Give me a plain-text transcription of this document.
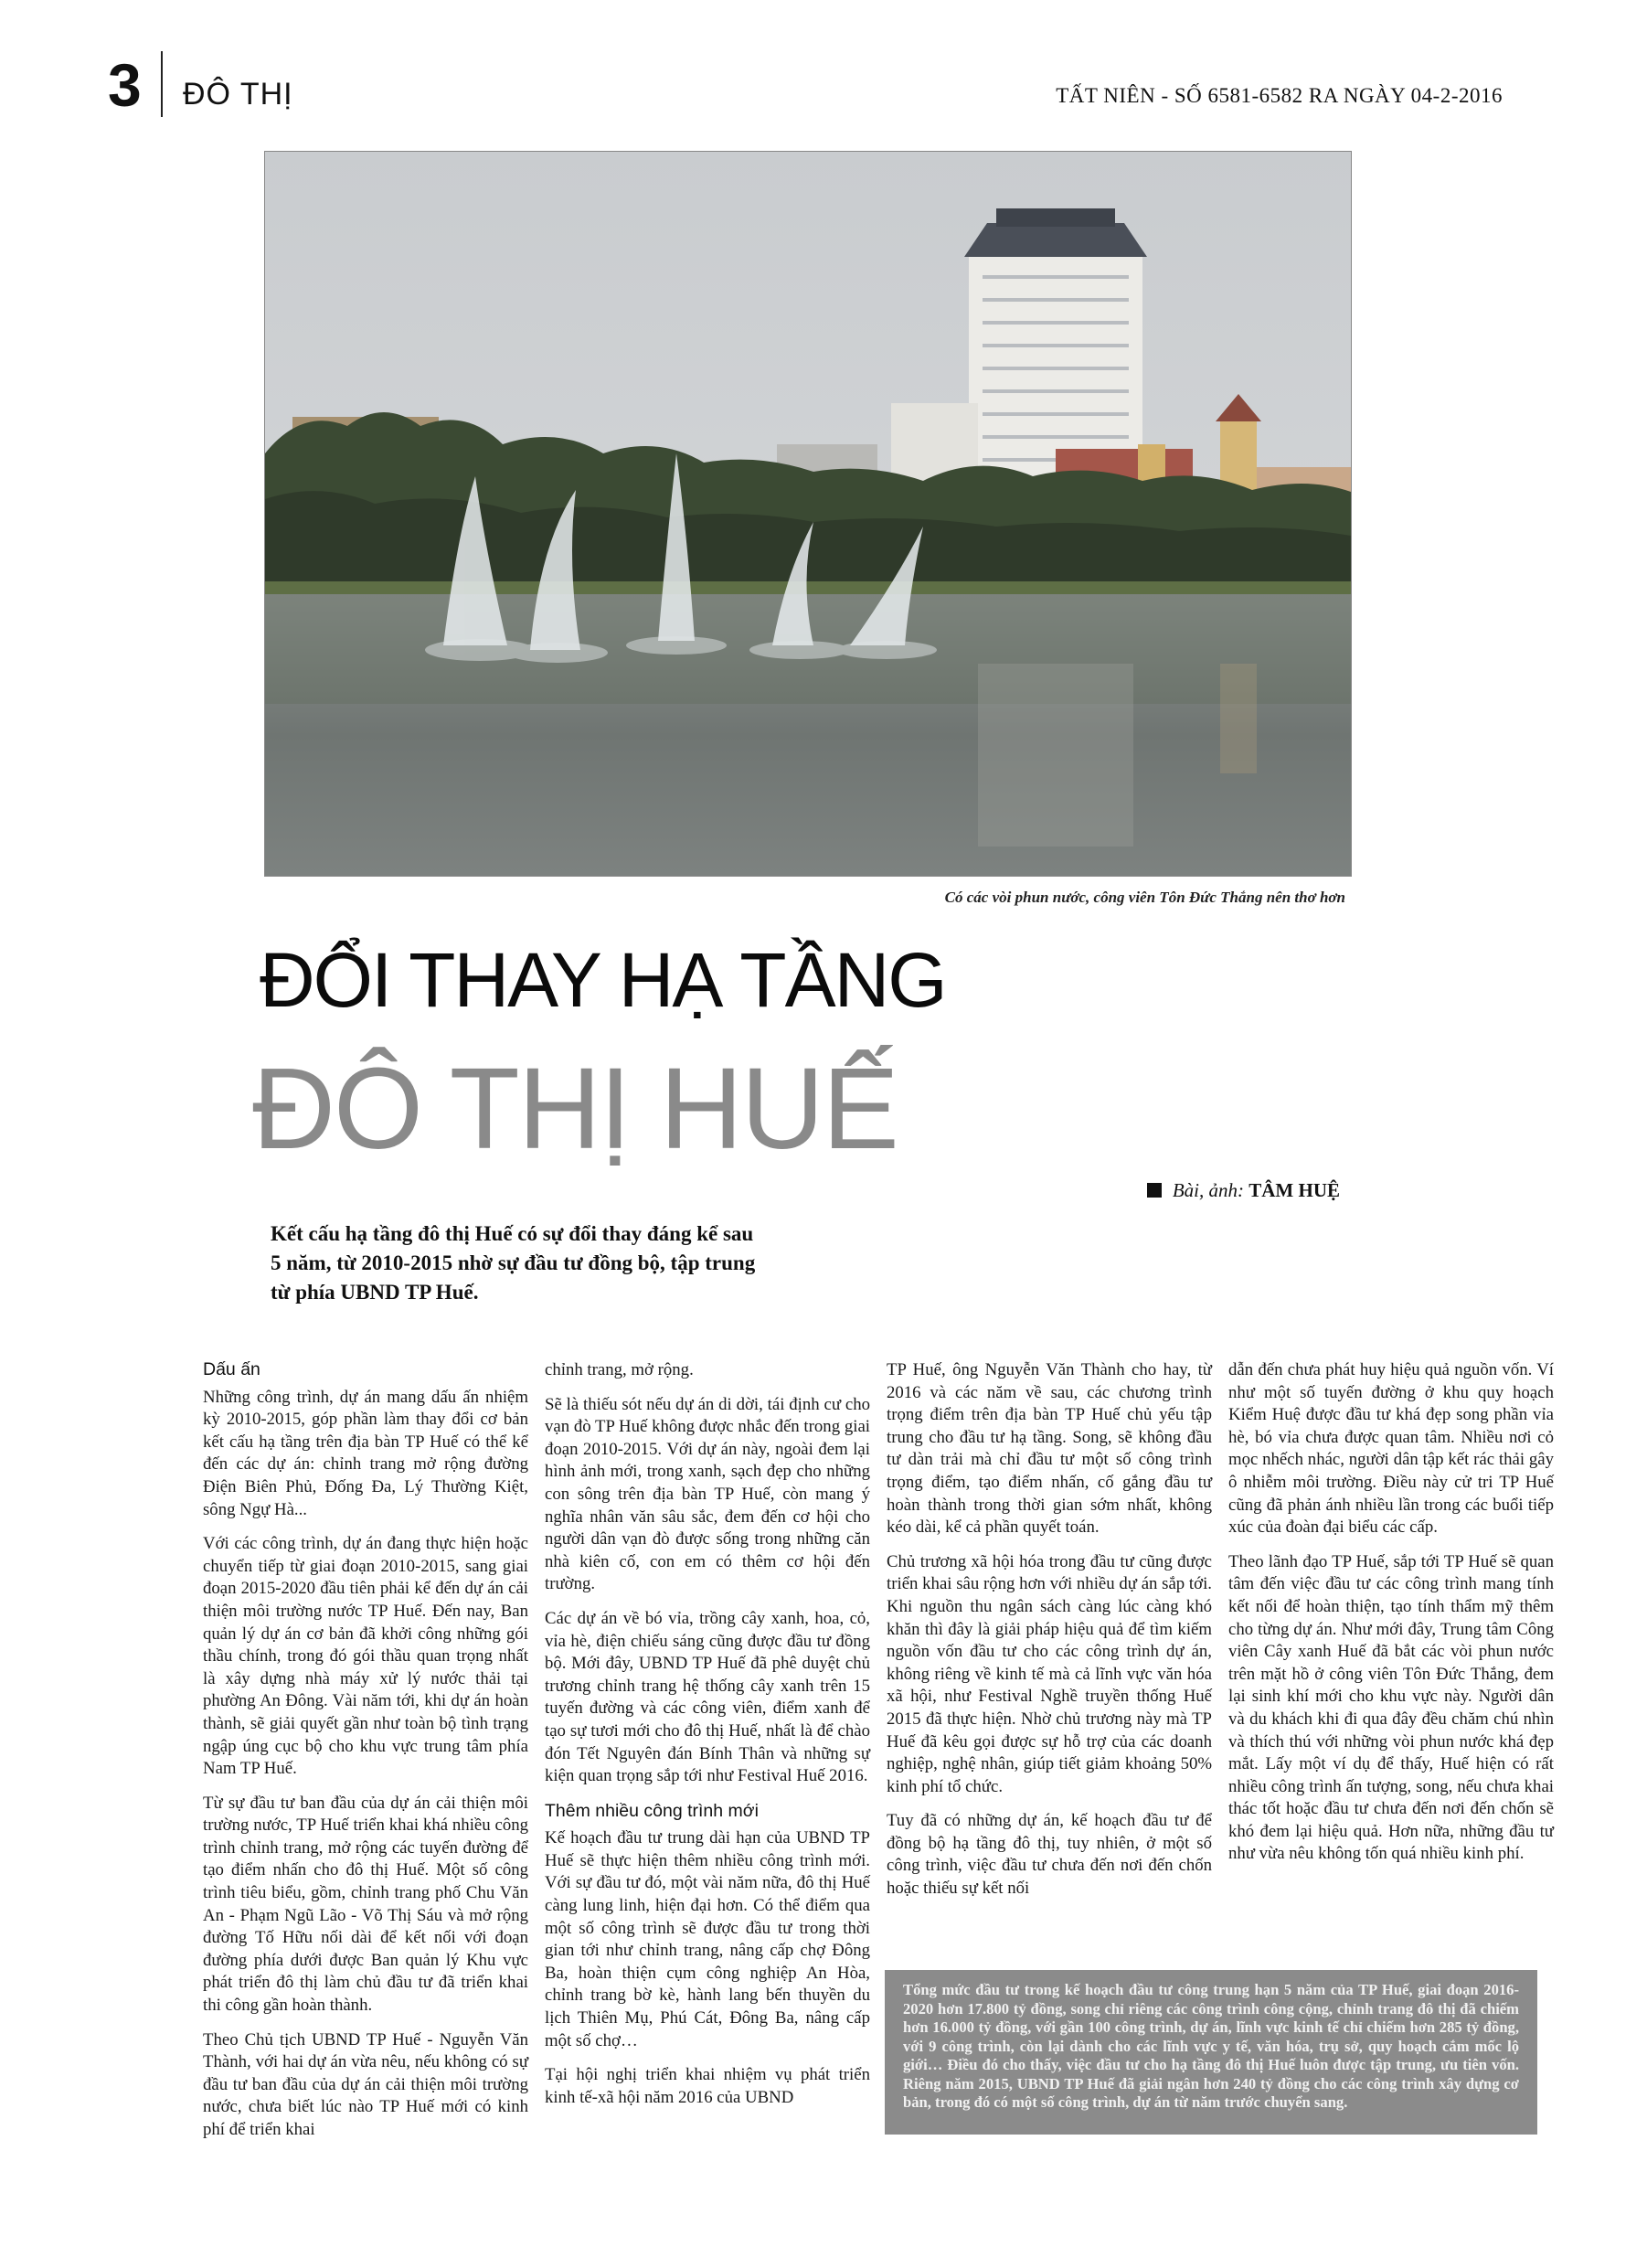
3 ĐÔ THỊ	TẤT NIÊN - SỐ 6581-6582 RA NGÀY 04-2-2016
Có các vòi phun nước, công viên Tôn Đức Thắng nên thơ hơn
ĐỔI THAY HẠ TẦNG
ĐÔ THỊ HUẾ
Bài, ảnh: TÂM HUỆ
Kết cấu hạ tầng đô thị Huế có sự đổi thay đáng kể sau 5 năm, từ 2010-2015 nhờ sự đầu tư đồng bộ, tập trung từ phía UBND TP Huế.
Dấu ấn

Những công trình, dự án mang dấu ấn nhiệm kỳ 2010-2015, góp phần làm thay đổi cơ bản kết cấu hạ tầng trên địa bàn TP Huế có thể kể đến các dự án: chỉnh trang mở rộng đường Điện Biên Phủ, Đống Đa, Lý Thường Kiệt, sông Ngự Hà...

Với các công trình, dự án đang thực hiện hoặc chuyển tiếp từ giai đoạn 2010-2015, sang giai đoạn 2015-2020 đầu tiên phải kể đến dự án cải thiện môi trường nước TP Huế. Đến nay, Ban quản lý dự án cơ bản đã khởi công những gói thầu chính, trong đó gói thầu quan trọng nhất là xây dựng nhà máy xử lý nước thải tại phường An Đông. Vài năm tới, khi dự án hoàn thành, sẽ giải quyết gần như toàn bộ tình trạng ngập úng cục bộ cho khu vực trung tâm phía Nam TP Huế.

Từ sự đầu tư ban đầu của dự án cải thiện môi trường nước, TP Huế triển khai khá nhiều công trình chỉnh trang, mở rộng các tuyến đường để tạo điểm nhấn cho đô thị Huế. Một số công trình tiêu biểu, gồm, chỉnh trang phố Chu Văn An - Phạm Ngũ Lão - Võ Thị Sáu và mở rộng đường Tố Hữu nối dài để kết nối với đoạn đường phía dưới được Ban quản lý Khu vực phát triển đô thị làm chủ đầu tư đã triển khai thi công gần hoàn thành.

Theo Chủ tịch UBND TP Huế - Nguyễn Văn Thành, với hai dự án vừa nêu, nếu không có sự đầu tư ban đầu của dự án cải thiện môi trường nước, chưa biết lúc nào TP Huế mới có kinh phí để triển khai

chỉnh trang, mở rộng.

Sẽ là thiếu sót nếu dự án di dời, tái định cư cho vạn đò TP Huế không được nhắc đến trong giai đoạn 2010-2015. Với dự án này, ngoài đem lại hình ảnh mới, trong xanh, sạch đẹp cho những con sông trên địa bàn TP Huế, còn mang ý nghĩa nhân văn sâu sắc, đem đến cơ hội cho người dân vạn đò được sống trong những căn nhà kiên cố, con em có thêm cơ hội đến trường.

Các dự án về bó vỉa, trồng cây xanh, hoa, cỏ, vỉa hè, điện chiếu sáng cũng được đầu tư đồng bộ. Mới đây, UBND TP Huế đã phê duyệt chủ trương chỉnh trang hệ thống cây xanh trên 15 tuyến đường và các công viên, điểm xanh để tạo sự tươi mới cho đô thị Huế, nhất là để chào đón Tết Nguyên đán Bính Thân và những sự kiện quan trọng sắp tới như Festival Huế 2016.

Thêm nhiều công trình mới

Kế hoạch đầu tư trung dài hạn của UBND TP Huế sẽ thực hiện thêm nhiều công trình mới. Với sự đầu tư đó, một vài năm nữa, đô thị Huế càng lung linh, hiện đại hơn. Có thể điểm qua một số công trình sẽ được đầu tư trong thời gian tới như chỉnh trang, nâng cấp chợ Đông Ba, hoàn thiện cụm công nghiệp An Hòa, chỉnh trang bờ kè, hành lang bến thuyền du lịch Thiên Mụ, Phú Cát, Đông Ba, nâng cấp một số chợ…

Tại hội nghị triển khai nhiệm vụ phát triển kinh tế-xã hội năm 2016 của UBND

TP Huế, ông Nguyễn Văn Thành cho hay, từ 2016 và các năm về sau, các chương trình trọng điểm trên địa bàn TP Huế chủ yếu tập trung cho đầu tư hạ tầng. Song, sẽ không đầu tư dàn trải mà chỉ đầu tư một số công trình trọng điểm, tạo điểm nhấn, cố gắng đầu tư hoàn thành trong thời gian sớm nhất, không kéo dài, kể cả phần quyết toán.

Chủ trương xã hội hóa trong đầu tư cũng được triển khai sâu rộng hơn với nhiều dự án sắp tới. Khi nguồn thu ngân sách càng lúc càng khó khăn thì đây là giải pháp hiệu quả để tìm kiếm nguồn vốn đầu tư cho các công trình dự án, không riêng về kinh tế mà cả lĩnh vực văn hóa xã hội, như Festival Nghề truyền thống Huế 2015 đã thực hiện. Nhờ chủ trương này mà TP Huế đã kêu gọi được sự hỗ trợ của các doanh nghiệp, nghệ nhân, giúp tiết giảm khoảng 50% kinh phí tổ chức.

Tuy đã có những dự án, kế hoạch đầu tư để đồng bộ hạ tầng đô thị, tuy nhiên, ở một số công trình, việc đầu tư chưa đến nơi đến chốn hoặc thiếu sự kết nối

dẫn đến chưa phát huy hiệu quả nguồn vốn. Ví như một số tuyến đường ở khu quy hoạch Kiểm Huệ được đầu tư khá đẹp song phần vỉa hè, bó vỉa chưa được quan tâm. Nhiều nơi cỏ mọc nhếch nhác, người dân tập kết rác thải gây ô nhiễm môi trường. Điều này cử tri TP Huế cũng đã phản ánh nhiều lần trong các buổi tiếp xúc của đoàn đại biểu các cấp.

Theo lãnh đạo TP Huế, sắp tới TP Huế sẽ quan tâm đến việc đầu tư các công trình mang tính kết nối để hoàn thiện, tạo tính thẩm mỹ thêm cho từng dự án. Như mới đây, Trung tâm Công viên Cây xanh Huế đã bắt các vòi phun nước trên mặt hồ ở công viên Tôn Đức Thắng, đem lại sinh khí mới cho khu vực này. Người dân và du khách khi đi qua đây đều chăm chú nhìn và thích thú với những vòi phun nước khá đẹp mắt. Lấy một ví dụ để thấy, Huế hiện có rất nhiều công trình ấn tượng, song, nếu chưa khai thác tốt hoặc đầu tư chưa đến nơi đến chốn sẽ khó đem lại hiệu quả. Hơn nữa, những đầu tư như vừa nêu không tốn quá nhiều kinh phí.

Tổng mức đầu tư trong kế hoạch đầu tư công trung hạn 5 năm của TP Huế, giai đoạn 2016-2020 hơn 17.800 tỷ đồng, song chỉ riêng các công trình công cộng, chỉnh trang đô thị đã chiếm hơn 16.000 tỷ đồng, với gần 100 công trình, dự án, lĩnh vực kinh tế chỉ chiếm hơn 285 tỷ đồng, với 9 công trình, còn lại dành cho các lĩnh vực y tế, văn hóa, trụ sở, quy hoạch cắm mốc lộ giới… Điều đó cho thấy, việc đầu tư cho hạ tầng đô thị Huế luôn được tập trung, ưu tiên vốn. Riêng năm 2015, UBND TP Huế đã giải ngân hơn 240 tỷ đồng cho các công trình xây dựng cơ bản, trong đó có một số công trình, dự án từ năm trước chuyển sang.
